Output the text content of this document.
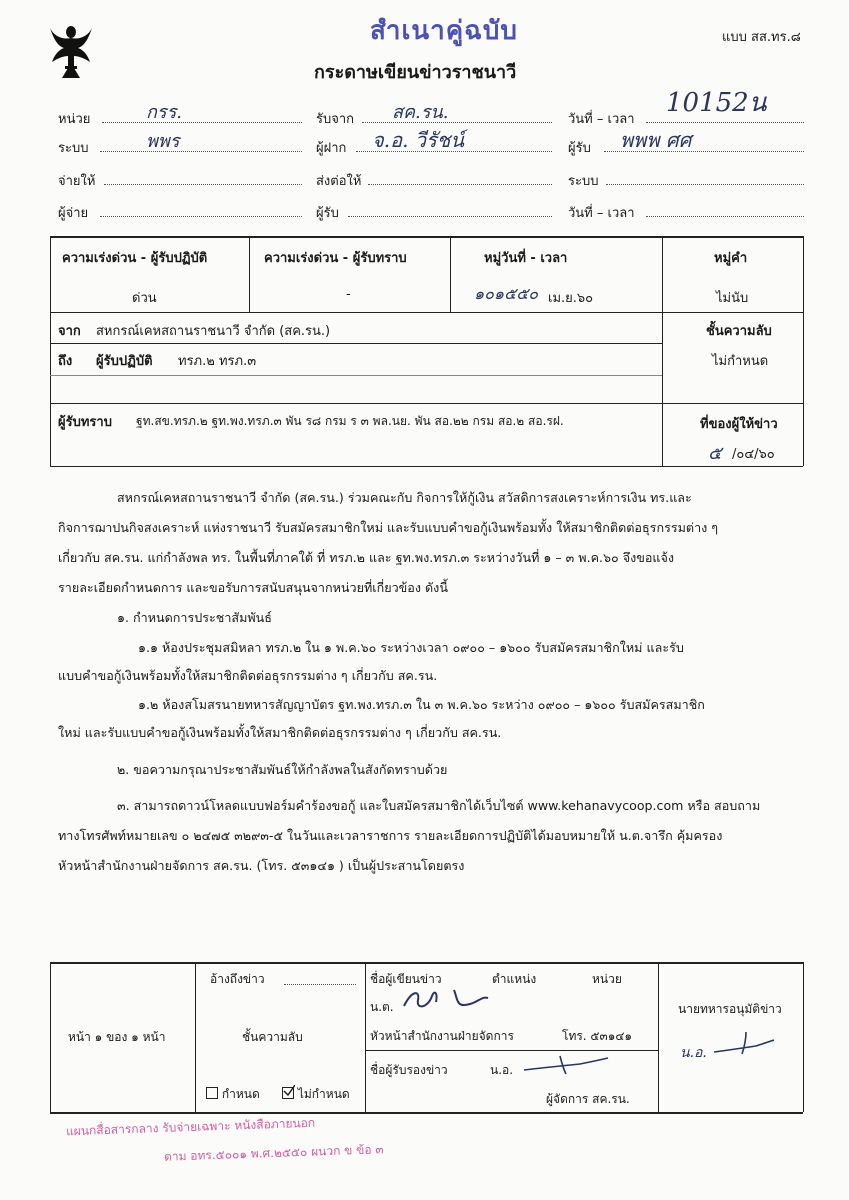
สำเนาคู่ฉบับ	แบบ สส.ทร.๘
กระดาษเขียนข่าวราชนาวี
หน่วย	กรร.	รับจาก สค.รน.	วันที่ – เวลา
10152น
ระบบ	พพร	ผู้ฝาก จ.อ. วีรัชน์	ผู้รับ พพพ ศศ
จ่ายให้	ส่งต่อให้	ระบบ
ผู้จ่าย	ผู้รับ	วันที่ – เวลา
ความเร่งด่วน - ผู้รับปฏิบัติ	ความเร่งด่วน - ผู้รับทราบ	หมู่วันที่ - เวลา	หมู่คำ
ด่วน	-	๑๐๑๕๕๐ เม.ย.๖๐	ไม่นับ
จาก สหกรณ์เคหสถานราชนาวี จำกัด (สค.รน.)	ชั้นความลับ
ไม่กำหนด
ถึง ผู้รับปฏิบัติ ทรภ.๒ ทรภ.๓
ผู้รับทราบ ฐท.สข.ทรภ.๒ ฐท.พง.ทรภ.๓ พัน ร๘ กรม ร ๓ พล.นย. พัน สอ.๒๒ กรม สอ.๒ สอ.รฝ.	ที่ของผู้ให้ข่าว
๕ /๐๔/๖๐
สหกรณ์เคหสถานราชนาวี จำกัด (สค.รน.) ร่วมคณะกับ กิจการให้กู้เงิน สวัสดิการสงเคราะห์การเงิน ทร.และ
กิจการฌาปนกิจสงเคราะห์ แห่งราชนาวี รับสมัครสมาชิกใหม่ และรับแบบคำขอกู้เงินพร้อมทั้ง ให้สมาชิกติดต่อธุรกรรมต่าง ๆ
เกี่ยวกับ สค.รน. แก่กำลังพล ทร. ในพื้นที่ภาคใต้ ที่ ทรภ.๒ และ ฐท.พง.ทรภ.๓ ระหว่างวันที่ ๑ – ๓ พ.ค.๖๐ จึงขอแจ้ง
รายละเอียดกำหนดการ และขอรับการสนับสนุนจากหน่วยที่เกี่ยวข้อง ดังนี้
๑. กำหนดการประชาสัมพันธ์
๑.๑ ห้องประชุมสมิหลา ทรภ.๒ ใน ๑ พ.ค.๖๐ ระหว่างเวลา ๐๙๐๐ – ๑๖๐๐ รับสมัครสมาชิกใหม่ และรับ
แบบคำขอกู้เงินพร้อมทั้งให้สมาชิกติดต่อธุรกรรมต่าง ๆ เกี่ยวกับ สค.รน.
๑.๒ ห้องสโมสรนายทหารสัญญาบัตร ฐท.พง.ทรภ.๓ ใน ๓ พ.ค.๖๐ ระหว่าง ๐๙๐๐ – ๑๖๐๐ รับสมัครสมาชิก
ใหม่ และรับแบบคำขอกู้เงินพร้อมทั้งให้สมาชิกติดต่อธุรกรรมต่าง ๆ เกี่ยวกับ สค.รน.
๒. ขอความกรุณาประชาสัมพันธ์ให้กำลังพลในสังกัดทราบด้วย
๓. สามารถดาวน์โหลดแบบฟอร์มคำร้องขอกู้ และใบสมัครสมาชิกได้เว็บไซต์ www.kehanavycoop.com หรือ สอบถาม
ทางโทรศัพท์หมายเลข ๐ ๒๔๗๕ ๓๒๙๓-๕ ในวันและเวลาราชการ รายละเอียดการปฏิบัติได้มอบหมายให้ น.ต.จารึก คุ้มครอง
หัวหน้าสำนักงานฝ่ายจัดการ สค.รน. (โทร. ๕๓๑๔๑ ) เป็นผู้ประสานโดยตรง
หน้า ๑ ของ ๑ หน้า
อ้างถึงข่าว
ชั้นความลับ
กำหนด	ไม่กำหนด
ชื่อผู้เขียนข่าว	ตำแหน่ง	หน่วย
น.ต.
หัวหน้าสำนักงานฝ่ายจัดการ	โทร. ๕๓๑๔๑
ชื่อผู้รับรองข่าว	น.อ.
ผู้จัดการ สค.รน.
นายทหารอนุมัติข่าว
น.อ.
แผนกสื่อสารกลาง รับจ่ายเฉพาะ หนังสือภายนอก
ตาม อทร.๕๐๐๑ พ.ศ.๒๕๕๐ ผนวก ข ข้อ ๓
